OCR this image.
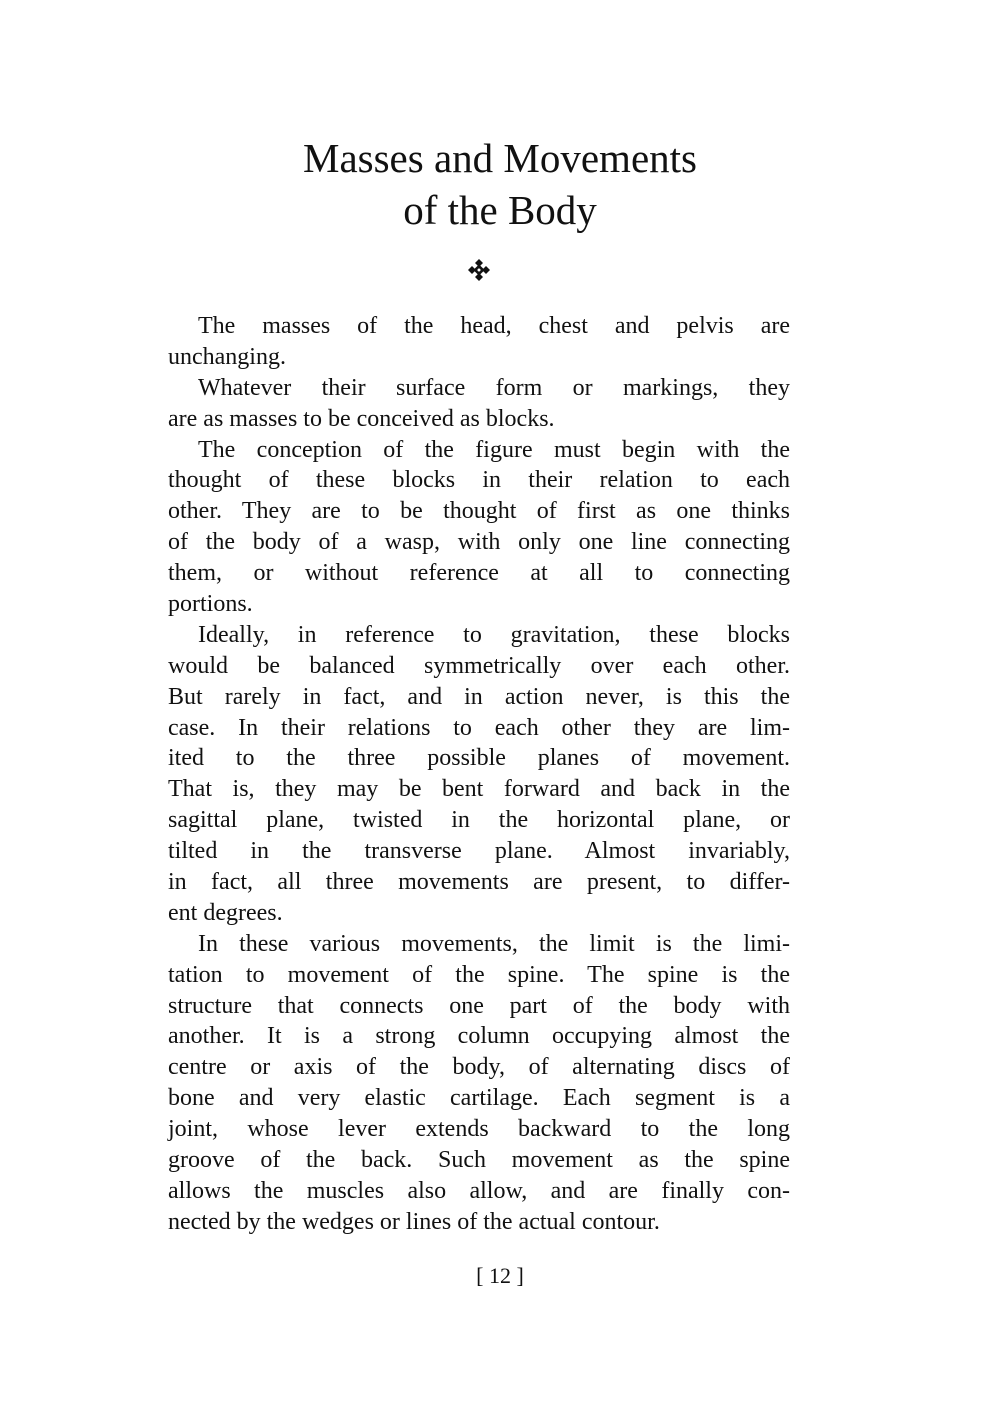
Masses and Movements
of the Body
The masses of the head, chest and pelvis are
unchanging.
Whatever their surface form or markings, they
are as masses to be conceived as blocks.
The conception of the figure must begin with the
thought of these blocks in their relation to each
other. They are to be thought of first as one thinks
of the body of a wasp, with only one line connecting
them, or without reference at all to connecting
portions.
Ideally, in reference to gravitation, these blocks
would be balanced symmetrically over each other.
But rarely in fact, and in action never, is this the
case. In their relations to each other they are lim-
ited to the three possible planes of movement.
That is, they may be bent forward and back in the
sagittal plane, twisted in the horizontal plane, or
tilted in the transverse plane. Almost invariably,
in fact, all three movements are present, to differ-
ent degrees.
In these various movements, the limit is the limi-
tation to movement of the spine. The spine is the
structure that connects one part of the body with
another. It is a strong column occupying almost the
centre or axis of the body, of alternating discs of
bone and very elastic cartilage. Each segment is a
joint, whose lever extends backward to the long
groove of the back. Such movement as the spine
allows the muscles also allow, and are finally con-
nected by the wedges or lines of the actual contour.
[ 12 ]
